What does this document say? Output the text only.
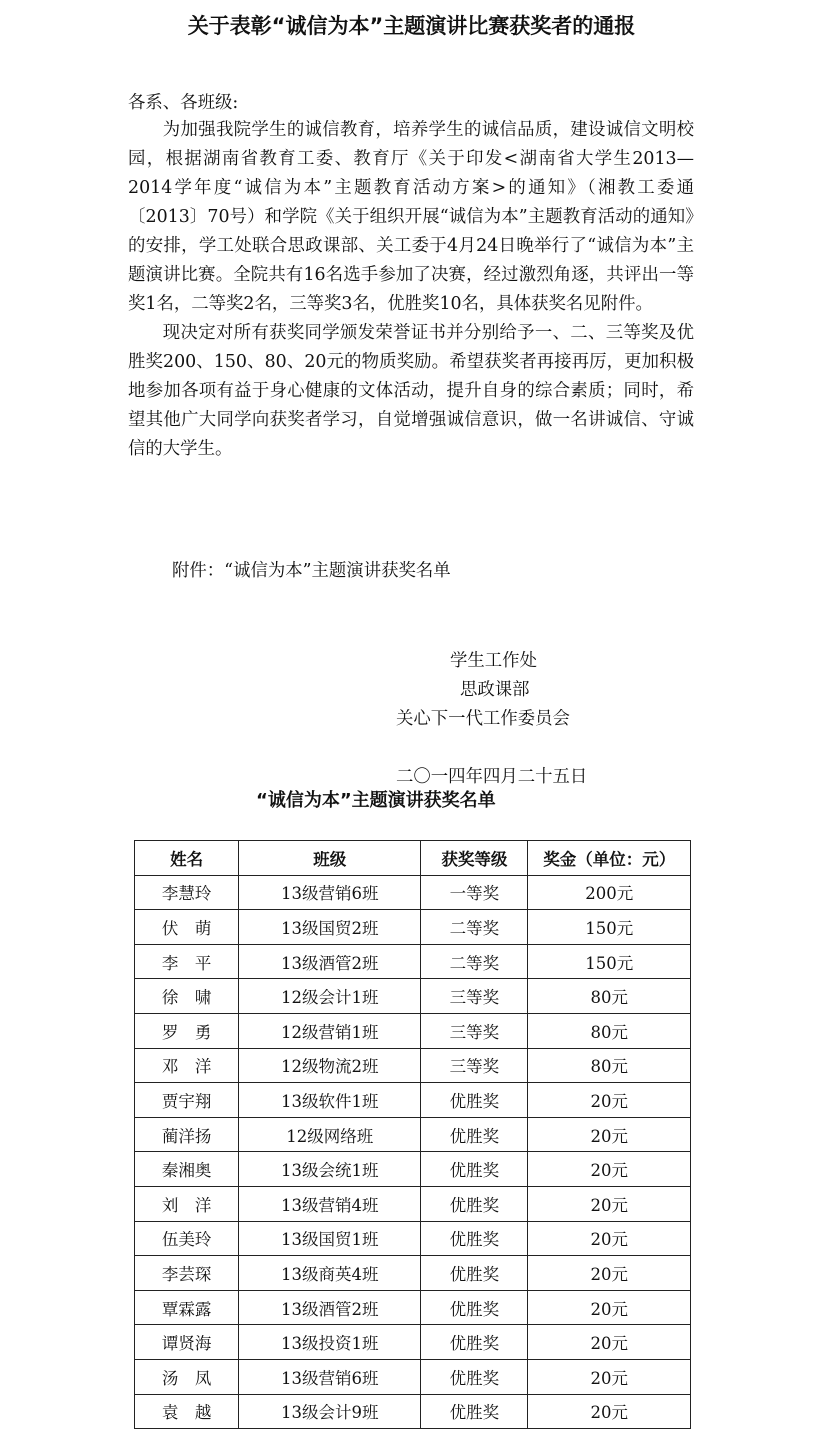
关于表彰“诚信为本”主题演讲比赛获奖者的通报
各系、各班级:

为加强我院学生的诚信教育，培养学生的诚信品质，建设诚信文明校园，根据湖南省教育工委、教育厅《关于印发<湖南省大学生2013—2014学年度“诚信为本”主题教育活动方案>的通知》（湘教工委通〔2013〕70号）和学院《关于组织开展“诚信为本”主题教育活动的通知》的安排，学工处联合思政课部、关工委于4月24日晚举行了“诚信为本”主题演讲比赛。全院共有16名选手参加了决赛，经过激烈角逐，共评出一等奖1名，二等奖2名，三等奖3名，优胜奖10名，具体获奖名见附件。

现决定对所有获奖同学颁发荣誉证书并分别给予一、二、三等奖及优胜奖200、150、80、20元的物质奖励。希望获奖者再接再厉，更加积极地参加各项有益于身心健康的文体活动，提升自身的综合素质；同时，希望其他广大同学向获奖者学习，自觉增强诚信意识，做一名讲诚信、守诚信的大学生。

附件：“诚信为本”主题演讲获奖名单
学生工作处
思政课部
关心下一代工作委员会
二〇一四年四月二十五日
“诚信为本”主题演讲获奖名单
姓名	班级	获奖等级	奖金（单位：元）
李慧玲	13级营销6班	一等奖	200元
伏　萌	13级国贸2班	二等奖	150元
李　平	13级酒管2班	二等奖	150元
徐　啸	12级会计1班	三等奖	80元
罗　勇	12级营销1班	三等奖	80元
邓　洋	12级物流2班	三等奖	80元
贾宇翔	13级软件1班	优胜奖	20元
蔺洋扬	12级网络班	优胜奖	20元
秦湘奥	13级会统1班	优胜奖	20元
刘　洋	13级营销4班	优胜奖	20元
伍美玲	13级国贸1班	优胜奖	20元
李芸琛	13级商英4班	优胜奖	20元
覃霖露	13级酒管2班	优胜奖	20元
谭贤海	13级投资1班	优胜奖	20元
汤　凤	13级营销6班	优胜奖	20元
袁　越	13级会计9班	优胜奖	20元
